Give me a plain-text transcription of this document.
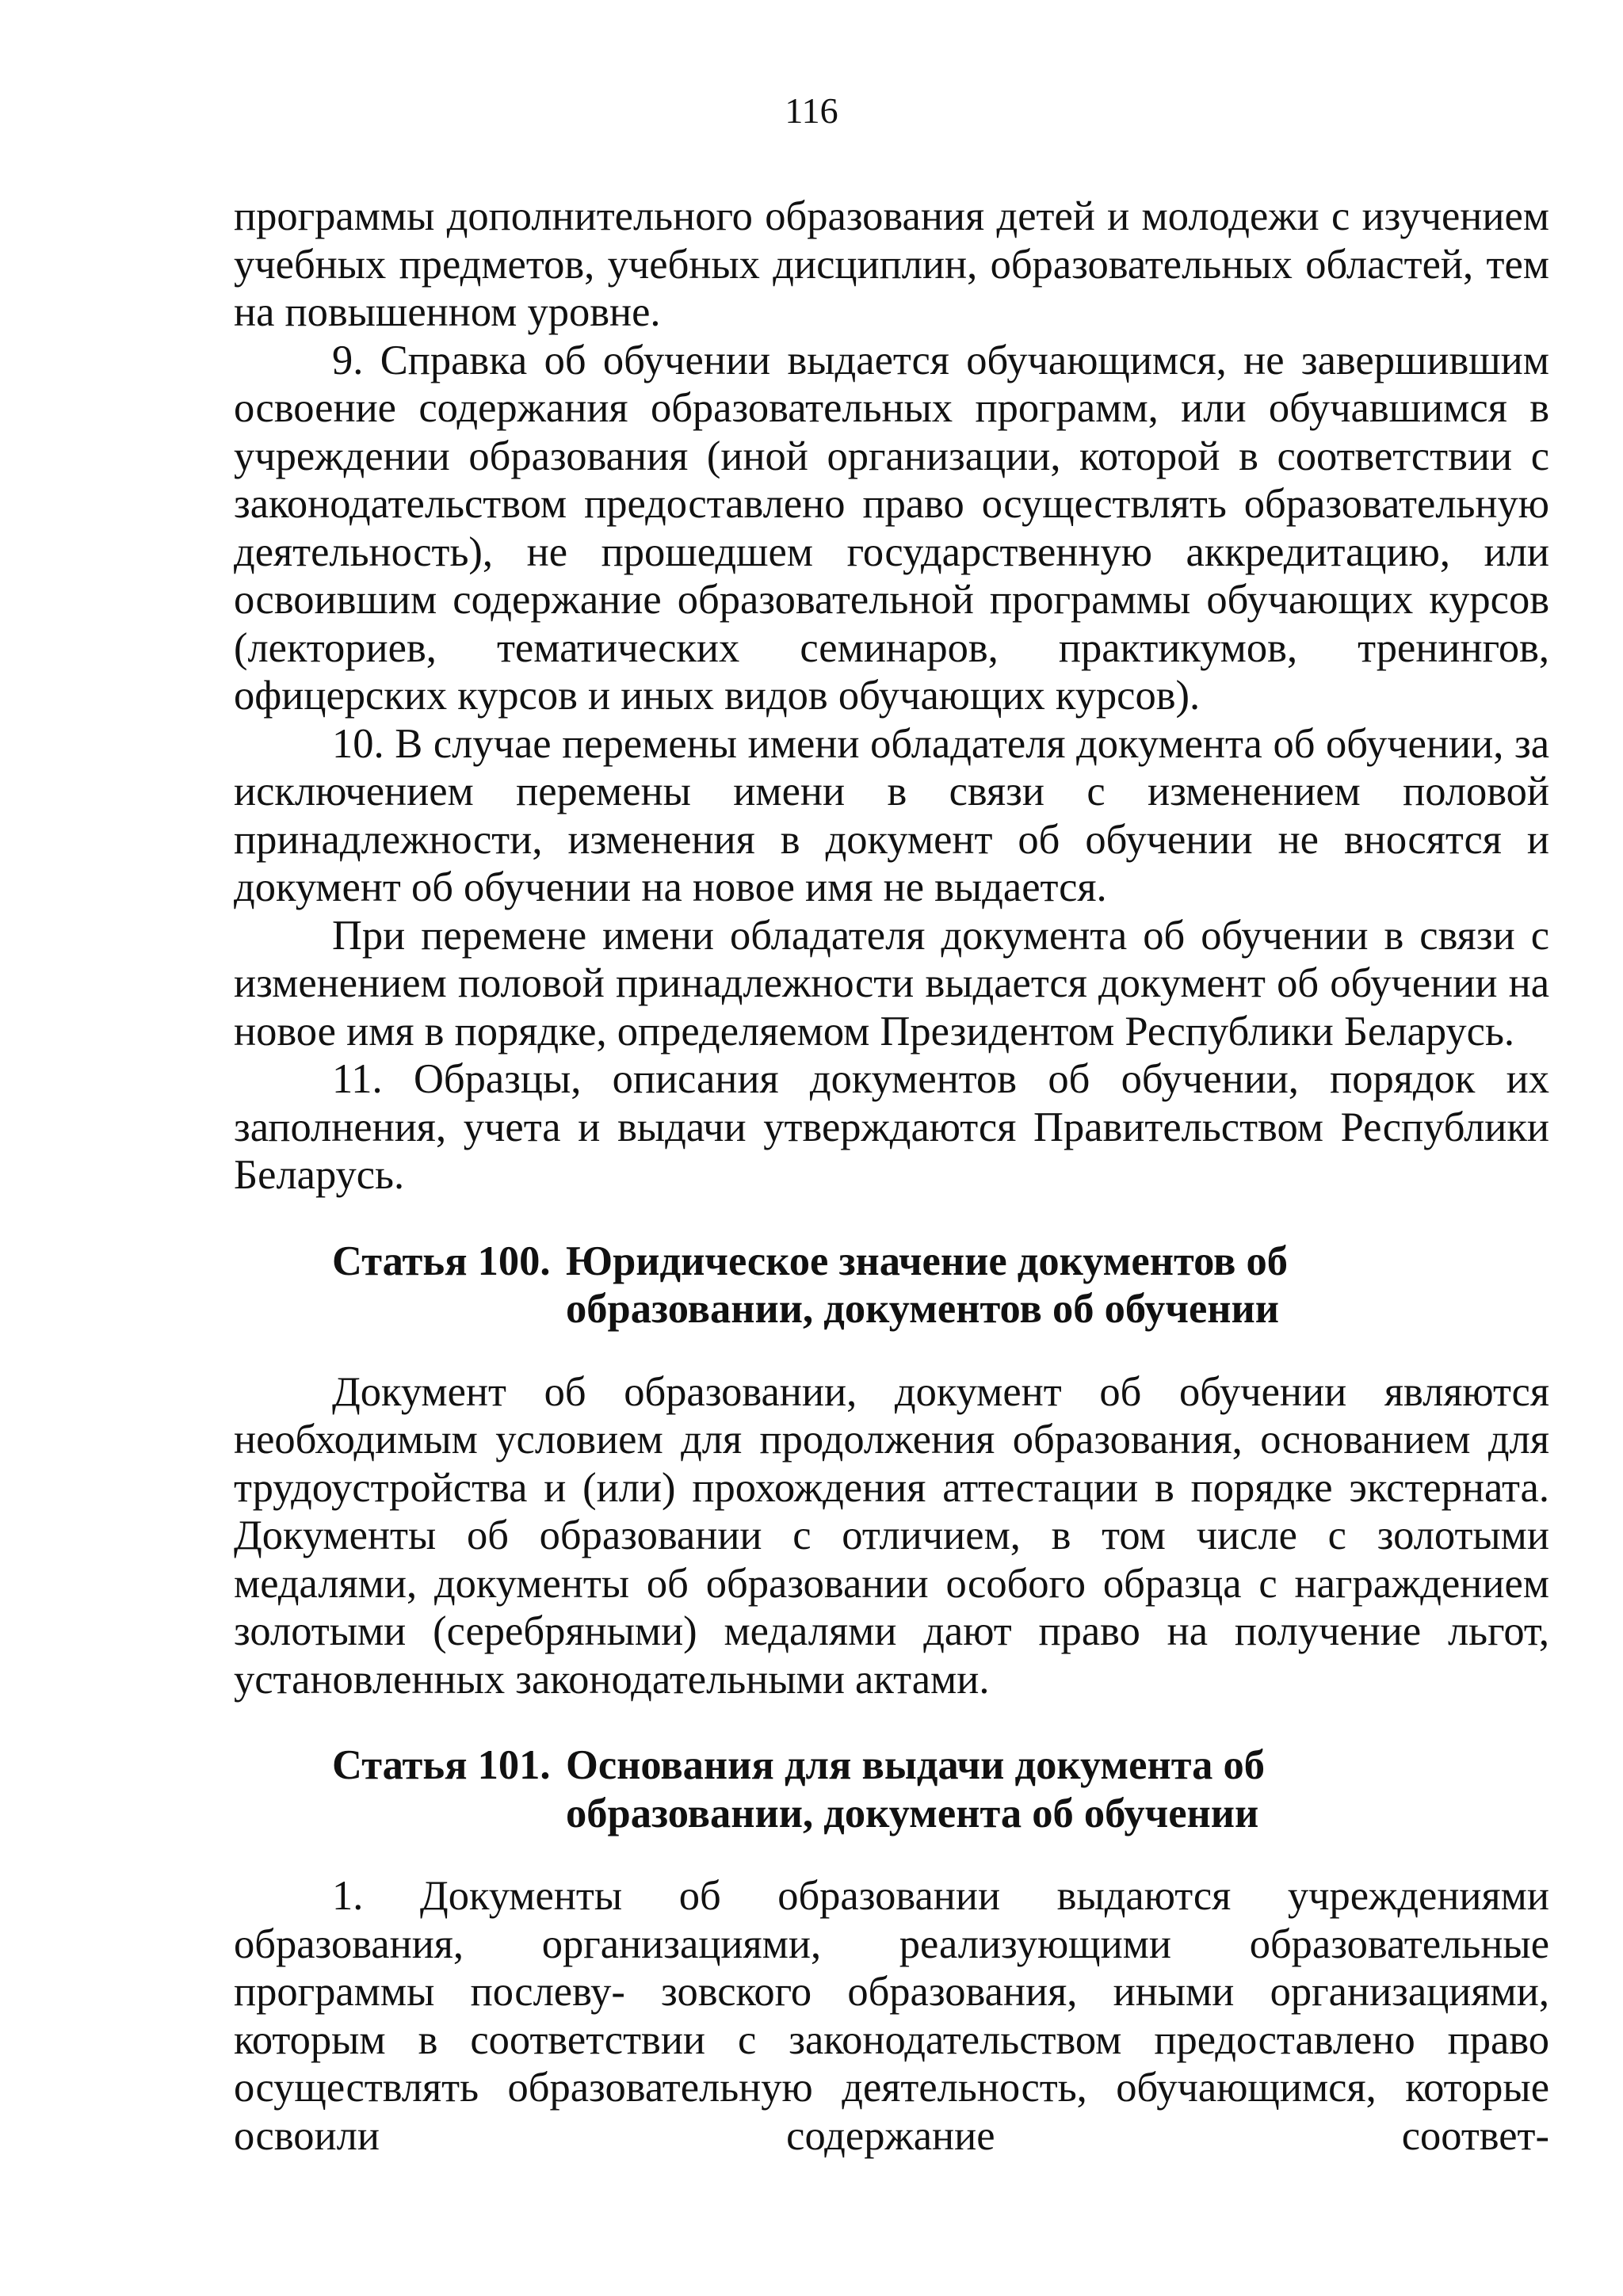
116

программы дополнительного образования детей и молодежи с изучением учебных предметов, учебных дисциплин, образовательных областей, тем на повышенном уровне.

9. Справка об обучении выдается обучающимся, не завершившим освоение содержания образовательных программ, или обучавшимся в учреждении образования (иной организации, которой в соответствии с законодательством предоставлено право осуществлять образовательную деятельность), не прошедшем государственную аккредитацию, или освоившим содержание образовательной программы обучающих курсов (лекториев, тематических семинаров, практикумов, тренингов, офицерских курсов и иных видов обучающих курсов).

10. В случае перемены имени обладателя документа об обучении, за исключением перемены имени в связи с изменением половой принадлежности, изменения в документ об обучении не вносятся и документ об обучении на новое имя не выдается.

При перемене имени обладателя документа об обучении в связи с изменением половой принадлежности выдается документ об обучении на новое имя в порядке, определяемом Президентом Республики Беларусь.

11. Образцы, описания документов об обучении, порядок их заполнения, учета и выдачи утверждаются Правительством Республики Беларусь.

Статья 100. Юридическое значение документов об
образовании, документов об обучении

Документ об образовании, документ об обучении являются необходимым условием для продолжения образования, основанием для трудоустройства и (или) прохождения аттестации в порядке экстерната. Документы об образовании с отличием, в том числе с золотыми медалями, документы об образовании особого образца с награждением золотыми (серебряными) медалями дают право на получение льгот, установленных законодательными актами.

Статья 101. Основания для выдачи документа об
образовании, документа об обучении

1. Документы об образовании выдаются учреждениями образования, организациями, реализующими образовательные программы послеву- зовского образования, иными организациями, которым в соответствии с законодательством предоставлено право осуществлять образовательную деятельность, обучающимся, которые освоили содержание соответ-
